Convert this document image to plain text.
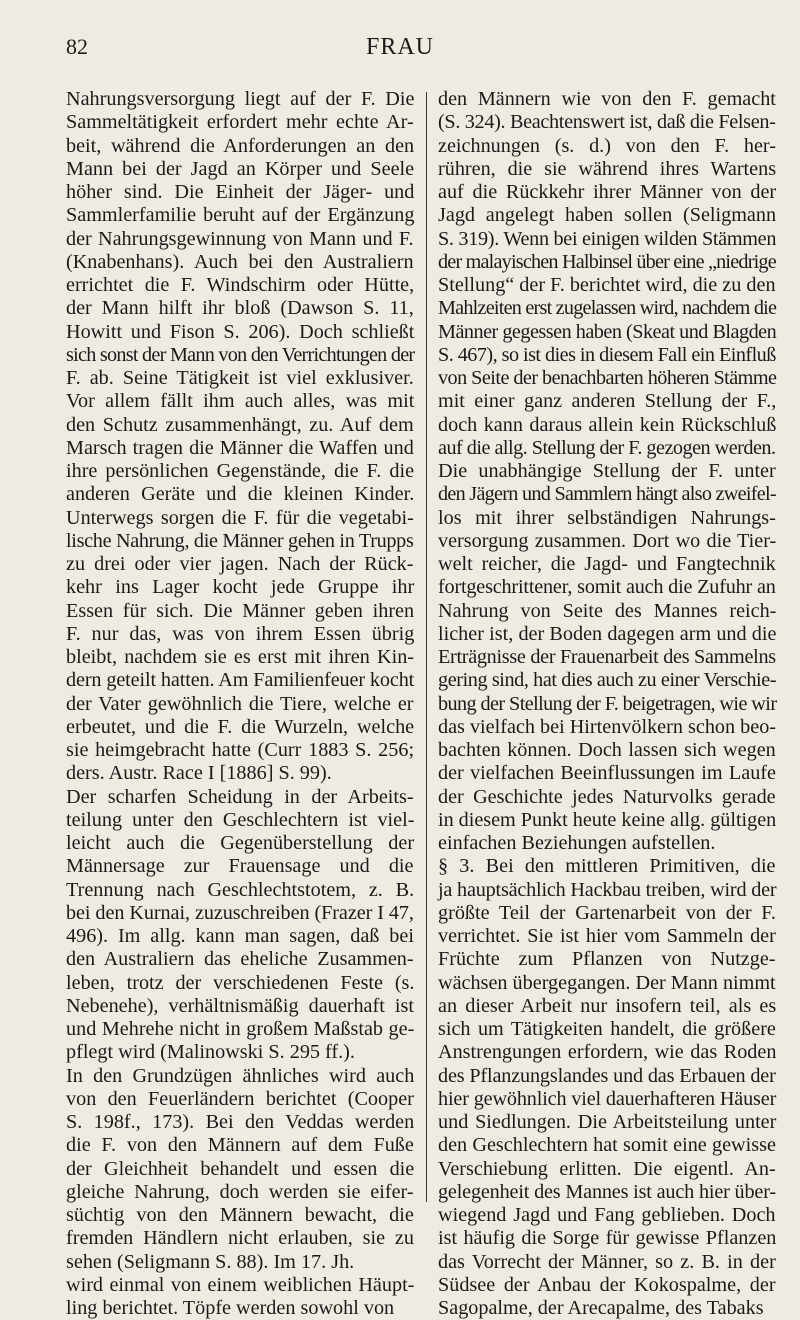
82	FRAU
Nahrungsversorgung liegt auf der F. Die
Sammeltätigkeit erfordert mehr echte Ar-
beit, während die Anforderungen an den
Mann bei der Jagd an Körper und Seele
höher sind. Die Einheit der Jäger- und
Sammlerfamilie beruht auf der Ergänzung
der Nahrungsgewinnung von Mann und F.
(Knabenhans). Auch bei den Australiern
errichtet die F. Windschirm oder Hütte,
der Mann hilft ihr bloß (Dawson S. 11,
Howitt und Fison S. 206). Doch schließt
sich sonst der Mann von den Verrichtungen der
F. ab. Seine Tätigkeit ist viel exklusiver.
Vor allem fällt ihm auch alles, was mit
den Schutz zusammenhängt, zu. Auf dem
Marsch tragen die Männer die Waffen und
ihre persönlichen Gegenstände, die F. die
anderen Geräte und die kleinen Kinder.
Unterwegs sorgen die F. für die vegetabi-
lische Nahrung, die Männer gehen in Trupps
zu drei oder vier jagen. Nach der Rück-
kehr ins Lager kocht jede Gruppe ihr
Essen für sich. Die Männer geben ihren
F. nur das, was von ihrem Essen übrig
bleibt, nachdem sie es erst mit ihren Kin-
dern geteilt hatten. Am Familienfeuer kocht
der Vater gewöhnlich die Tiere, welche er
erbeutet, und die F. die Wurzeln, welche
sie heimgebracht hatte (Curr 1883 S. 256;
ders. Austr. Race I [1886] S. 99).
Der scharfen Scheidung in der Arbeits-
teilung unter den Geschlechtern ist viel-
leicht auch die Gegenüberstellung der
Männersage zur Frauensage und die
Trennung nach Geschlechtstotem, z. B.
bei den Kurnai, zuzuschreiben (Frazer I 47,
496). Im allg. kann man sagen, daß bei
den Australiern das eheliche Zusammen-
leben, trotz der verschiedenen Feste (s.
Nebenehe), verhältnismäßig dauerhaft ist
und Mehrehe nicht in großem Maßstab ge-
pflegt wird (Malinowski S. 295 ff.).
In den Grundzügen ähnliches wird auch
von den Feuerländern berichtet (Cooper
S. 198f., 173). Bei den Veddas werden
die F. von den Männern auf dem Fuße
der Gleichheit behandelt und essen die
gleiche Nahrung, doch werden sie eifer-
süchtig von den Männern bewacht, die
fremden Händlern nicht erlauben, sie zu
sehen (Seligmann S. 88). Im 17. Jh.
wird einmal von einem weiblichen Häupt-
ling berichtet. Töpfe werden sowohl von
den Männern wie von den F. gemacht
(S. 324). Beachtenswert ist, daß die Felsen-
zeichnungen (s. d.) von den F. her-
rühren, die sie während ihres Wartens
auf die Rückkehr ihrer Männer von der
Jagd angelegt haben sollen (Seligmann
S. 319). Wenn bei einigen wilden Stämmen
der malayischen Halbinsel über eine „niedrige
Stellung“ der F. berichtet wird, die zu den
Mahlzeiten erst zugelassen wird, nachdem die
Männer gegessen haben (Skeat und Blagden
S. 467), so ist dies in diesem Fall ein Einfluß
von Seite der benachbarten höheren Stämme
mit einer ganz anderen Stellung der F.,
doch kann daraus allein kein Rückschluß
auf die allg. Stellung der F. gezogen werden.
Die unabhängige Stellung der F. unter
den Jägern und Sammlern hängt also zweifel-
los mit ihrer selbständigen Nahrungs-
versorgung zusammen. Dort wo die Tier-
welt reicher, die Jagd- und Fangtechnik
fortgeschrittener, somit auch die Zufuhr an
Nahrung von Seite des Mannes reich-
licher ist, der Boden dagegen arm und die
Erträgnisse der Frauenarbeit des Sammelns
gering sind, hat dies auch zu einer Verschie-
bung der Stellung der F. beigetragen, wie wir
das vielfach bei Hirtenvölkern schon beo-
bachten können. Doch lassen sich wegen
der vielfachen Beeinflussungen im Laufe
der Geschichte jedes Naturvolks gerade
in diesem Punkt heute keine allg. gültigen
einfachen Beziehungen aufstellen.
§ 3. Bei den mittleren Primitiven, die
ja hauptsächlich Hackbau treiben, wird der
größte Teil der Gartenarbeit von der F.
verrichtet. Sie ist hier vom Sammeln der
Früchte zum Pflanzen von Nutzge-
wächsen übergegangen. Der Mann nimmt
an dieser Arbeit nur insofern teil, als es
sich um Tätigkeiten handelt, die größere
Anstrengungen erfordern, wie das Roden
des Pflanzungslandes und das Erbauen der
hier gewöhnlich viel dauerhafteren Häuser
und Siedlungen. Die Arbeitsteilung unter
den Geschlechtern hat somit eine gewisse
Verschiebung erlitten. Die eigentl. An-
gelegenheit des Mannes ist auch hier über-
wiegend Jagd und Fang geblieben. Doch
ist häufig die Sorge für gewisse Pflanzen
das Vorrecht der Männer, so z. B. in der
Südsee der Anbau der Kokospalme, der
Sagopalme, der Arecapalme, des Tabaks
